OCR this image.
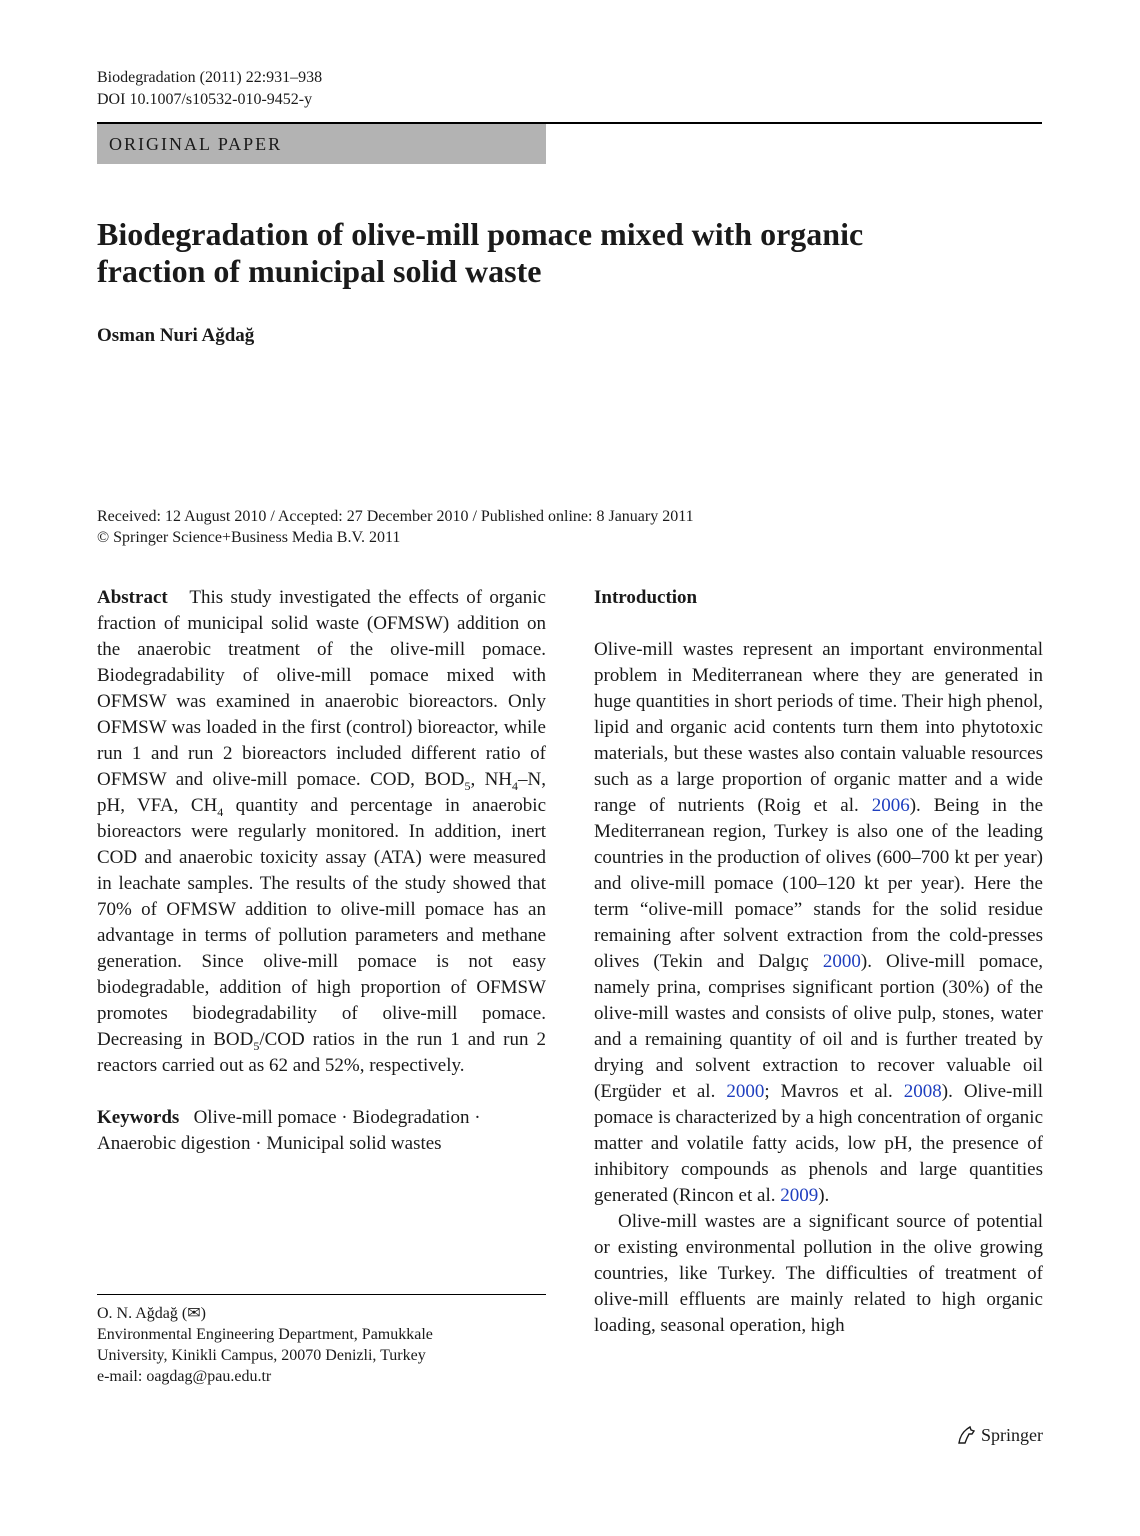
Biodegradation (2011) 22:931–938
DOI 10.1007/s10532-010-9452-y
ORIGINAL PAPER
Biodegradation of olive-mill pomace mixed with organic
fraction of municipal solid waste
Osman Nuri Ağdağ
Received: 12 August 2010 / Accepted: 27 December 2010 / Published online: 8 January 2011
© Springer Science+Business Media B.V. 2011
Abstract This study investigated the effects of organic fraction of municipal solid waste (OFMSW) addition on the anaerobic treatment of the olive-mill pomace. Biodegradability of olive-mill pomace mixed with OFMSW was examined in anaerobic bioreactors. Only OFMSW was loaded in the first (control) bioreactor, while run 1 and run 2 bioreactors included different ratio of OFMSW and olive-mill pomace. COD, $BOD_5$, $NH_4-N$, pH, VFA, $CH_4$ quantity and percentage in anaerobic bioreactors were regularly monitored. In addition, inert COD and anaerobic toxicity assay (ATA) were measured in leachate samples. The results of the study showed that 70% of OFMSW addition to olive-mill pomace has an advantage in terms of pollution parameters and methane generation. Since olive-mill pomace is not easy biodegradable, addition of high proportion of OFMSW promotes biodegradability of olive-mill pomace. Decreasing in $BOD_5$/COD ratios in the run 1 and run 2 reactors carried out as 62 and 52%, respectively.
Keywords Olive-mill pomace · Biodegradation · Anaerobic digestion · Municipal solid wastes
O. N. Ağdağ (✉)
Environmental Engineering Department, Pamukkale
University, Kinikli Campus, 20070 Denizli, Turkey
e-mail: oagdag@pau.edu.tr
Introduction
Olive-mill wastes represent an important environmental problem in Mediterranean where they are generated in huge quantities in short periods of time. Their high phenol, lipid and organic acid contents turn them into phytotoxic materials, but these wastes also contain valuable resources such as a large proportion of organic matter and a wide range of nutrients (Roig et al. 2006). Being in the Mediterranean region, Turkey is also one of the leading countries in the production of olives (600–700 kt per year) and olive-mill pomace (100–120 kt per year). Here the term “olive-mill pomace” stands for the solid residue remaining after solvent extraction from the cold-presses olives (Tekin and Dalgıç 2000). Olive-mill pomace, namely prina, comprises significant portion (30%) of the olive-mill wastes and consists of olive pulp, stones, water and a remaining quantity of oil and is further treated by drying and solvent extraction to recover valuable oil (Ergüder et al. 2000; Mavros et al. 2008). Olive-mill pomace is characterized by a high concentration of organic matter and volatile fatty acids, low pH, the presence of inhibitory compounds as phenols and large quantities generated (Rincon et al. 2009).
Olive-mill wastes are a significant source of potential or existing environmental pollution in the olive growing countries, like Turkey. The difficulties of treatment of olive-mill effluents are mainly related to high organic loading, seasonal operation, high
Springer
